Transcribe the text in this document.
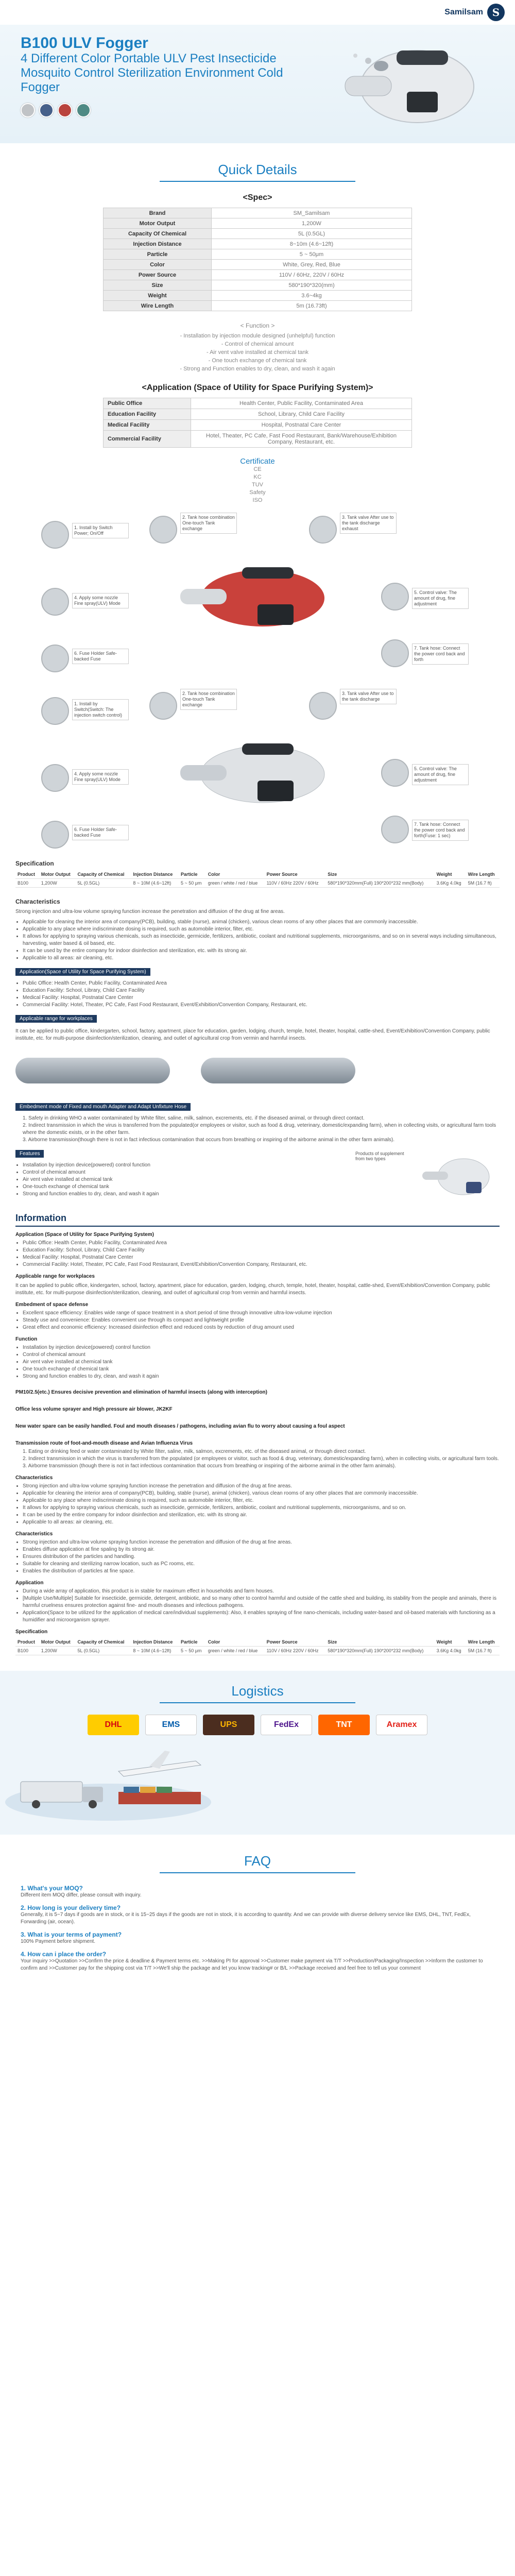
Samilsam S
B100 ULV Fogger
4 Different Color Portable ULV Pest Insecticide Mosquito Control Sterilization Environment Cold Fogger
Quick Details
<Spec>
Brand	SM_Samilsam
Motor Output	1,200W
Capacity Of Chemical	5L (0.5GL)
Injection Distance	8~10m (4.6~12ft)
Particle	5 ~ 50μm
Color	White, Grey, Red, Blue
Power Source	110V / 60Hz, 220V / 60Hz
Size	580*190*320(mm)
Weight	3.6~4kg
Wire Length	5m (16.73ft)
< Function >
- Installation by injection module designed (unhelpful) function
- Control of chemical amount
- Air vent valve installed at chemical tank
- One touch exchange of chemical tank
- Strong and Function enables to dry, clean, and wash it again
<Application (Space of Utility for Space Purifying System)>
Public Office	Health Center, Public Facility, Contaminated Area
Education Facility	School, Library, Child Care Facility
Medical Facility	Hospital, Postnatal Care Center
Commercial Facility	Hotel, Theater, PC Cafe, Fast Food Restaurant, Bank/Warehouse/Exhibition Company, Restaurant, etc.
Certificate
CE
KC
TUV
Safety
ISO
1. Install by Switch Power; On/Off
2. Tank hose combination One-touch Tank exchange
3. Tank valve After use to the tank discharge exhaust
4. Apply some nozzle Fine spray(ULV) Mode
5. Control valve: The amount of drug, fine adjustment
6. Fuse Holder Safe-backed Fuse
7. Tank hose: Connect the power cord back and forth
1. Install by Switch(Switch: The injection switch control)
2. Tank hose combination One-touch Tank exchange
3. Tank valve After use to the tank discharge
4. Apply some nozzle Fine spray(ULV) Mode
5. Control valve: The amount of drug, fine adjustment
6. Fuse Holder Safe-backed Fuse
7. Tank hose: Connect the power cord back and forth(Fuse: 1 sec)
Specification
Product	Motor Output	Capacity of Chemical	Injection Distance	Particle	Color	Power Source	Size	Weight	Wire Length
B100	1,200W	5L (0.5GL)	8 ~ 10M (4.6~12ft)	5 ~ 50 μm	green / white / red / blue	110V / 60Hz 220V / 60Hz	580*190*320mm(Full) 190*200*232 mm(Body)	3.6Kg 4.0kg	5M (16.7 ft)
Characteristics
Strong injection and ultra-low volume spraying function increase the penetration and diffusion of the drug at fine areas.
• Applicable for cleaning the interior area of company(PCB), building, stable (nurse), animal (chicken), various clean rooms of any other places that are commonly inaccessible.
• Applicable to any place where indiscriminate dosing is required, such as automobile interior, filter, etc.
• It allows for applying to spraying various chemicals, such as insecticide, germicide, fertilizers, antibiotic, coolant and nutritional supplements, microorganisms, and so on in several ways including simultaneous, harvesting, water based & oil based, etc.
• It can be used by the entire company for indoor disinfection and sterilization, etc. with its strong air.
• Applicable to all areas: air cleaning, etc.
Application(Space of Utility for Space Purifying System)
• Public Office: Health Center, Public Facility, Contaminated Area
• Education Facility: School, Library, Child Care Facility
• Medical Facility: Hospital, Postnatal Care Center
• Commercial Facility: Hotel, Theater, PC Cafe, Fast Food Restaurant, Event/Exhibition/Convention Company, Restaurant, etc.
Applicable range for workplaces
It can be applied to public office, kindergarten, school, factory, apartment, place for education, garden, lodging, church, temple, hotel, theater, hospital, cattle-shed, Event/Exhibition/Convention Company, public institute, etc. for multi-purpose disinfection/sterilization, cleaning, and outlet of agricultural crop from vermin and harmful insects.
Embedment mode of Fixed and mouth Adapter and Adapt Unfixture Hose
1. Safety in drinking WHO a water contaminated by White filter, saline, milk, salmon, excrements, etc. if the diseased animal, or through direct contact.
2. Indirect transmission in which the virus is transferred from the populated(or employees or visitor, such as food & drug, veterinary, domestic/expanding farm), when in collecting visits, or agricultural farm tools where the domestic exists, or in the other farm.
3. Airborne transmission(though there is not in fact infectious contamination that occurs from breathing or inspiring of the airborne animal in the other farm animals).
Features
• Installation by injection device(powered) control function
• Control of chemical amount
• Air vent valve installed at chemical tank
• One-touch exchange of chemical tank
• Strong and function enables to dry, clean, and wash it again
Products of supplement from two types
Information
Application (Space of Utility for Space Purifying System)
• Public Office: Health Center, Public Facility, Contaminated Area
• Education Facility: School, Library, Child Care Facility
• Medical Facility: Hospital, Postnatal Care Center
• Commercial Facility: Hotel, Theater, PC Cafe, Fast Food Restaurant, Event/Exhibition/Convention Company, Restaurant, etc.
Applicable range for workplaces
It can be applied to public office, kindergarten, school, factory, apartment, place for education, garden, lodging, church, temple, hotel, theater, hospital, cattle-shed, Event/Exhibition/Convention Company, public institute, etc. for multi-purpose disinfection/sterilization, cleaning, and outlet of agricultural crop from vermin and harmful insects.
Embedment of space defense
• Excellent space efficiency: Enables wide range of space treatment in a short period of time through innovative ultra-low-volume injection
• Steady use and convenience: Enables convenient use through its compact and lightweight profile
• Great effect and economic efficiency: Increased disinfection effect and reduced costs by reduction of drug amount used
Function
• Installation by injection device(powered) control function
• Control of chemical amount
• Air vent valve installed at chemical tank
• One touch exchange of chemical tank
• Strong and function enables to dry, clean, and wash it again
PM10/2.5(etc.) Ensures decisive prevention and elimination of harmful insects (along with interception)
Office less volume sprayer and High pressure air blower, JK2KF
New water spare can be easily handled. Foul and mouth diseases / pathogens, including avian flu to worry about causing a foul aspect
Transmission route of foot-and-mouth disease and Avian Influenza Virus
1. Eating or drinking feed or water contaminated by White filter, saline, milk, salmon, excrements, etc. of the diseased animal, or through direct contact.
2. Indirect transmission in which the virus is transferred from the populated (or employees or visitor, such as food & drug, veterinary, domestic/expanding farm), when in collecting visits, or agricultural farm tools.
3. Airborne transmission (though there is not in fact infectious contamination that occurs from breathing or inspiring of the airborne animal in the other farm animals).
Characteristics
• Strong injection and ultra-low volume spraying function increase the penetration and diffusion of the drug at fine areas.
• Applicable for cleaning the interior area of company(PCB), building, stable (nurse), animal (chicken), various clean rooms of any other places that are commonly inaccessible.
• Applicable to any place where indiscriminate dosing is required, such as automobile interior, filter, etc.
• It allows for applying to spraying various chemicals, such as insecticide, germicide, fertilizers, antibiotic, coolant and nutritional supplements, microorganisms, and so on.
• It can be used by the entire company for indoor disinfection and sterilization, etc. with its strong air.
• Applicable to all areas: air cleaning, etc.
Characteristics
• Strong injection and ultra-low volume spraying function increase the penetration and diffusion of the drug at fine areas.
• Enables diffuse application at fine spaling by its strong air.
• Ensures distribution of the particles and handling.
• Suitable for cleaning and sterilizing narrow location, such as PC rooms, etc.
• Enables the distribution of particles at fine space.
Application
• During a wide array of application, this product is in stable for maximum effect in households and farm houses.
• [Multiple Use/Multiple] Suitable for insecticide, germicide, detergent, antibiotic, and so many other to control harmful and outside of the cattle shed and building, its stability from the people and animals, there is harmful cruelness ensures protection against fine- and mouth diseases and infectious pathogens.
• Application(Space to be utilized for the application of medical care/individual supplements): Also, it enables spraying of fine nano-chemicals, including water-based and oil-based materials with functioning as a humidifier and microorganism sprayer.
Specification
Product	Motor Output	Capacity of Chemical	Injection Distance	Particle	Color	Power Source	Size	Weight	Wire Length
B100	1,200W	5L (0.5GL)	8 ~ 10M (4.6~12ft)	5 ~ 50 μm	green / white / red / blue	110V / 60Hz 220V / 60Hz	580*190*320mm(Full) 190*200*232 mm(Body)	3.6Kg 4.0kg	5M (16.7 ft)
Logistics
DHL	EMS	UPS	FedEx	TNT	Aramex
FAQ
1. What's your MOQ?
Different item MOQ differ, please consult with inquiry.
2. How long is your delivery time?
Generally, it is 5~7 days if goods are in stock, or it is 15~25 days if the goods are not in stock, it is according to quantity. And we can provide with diverse delivery service like EMS, DHL, TNT, FedEx, Forwarding (air, ocean).
3. What is your terms of payment?
100% Payment before shipment.
4. How can i place the order?
Your inquiry >>Quotation >>Confirm the price & deadline & Payment terms etc. >>Making PI for approval >>Customer make payment via T/T >>Production/Packaging/Inspection >>Inform the customer to confirm and >>Customer pay for the shipping cost via T/T >>We'll ship the package and let you know tracking# or B/L >>Package received and feel free to tell us your comment
